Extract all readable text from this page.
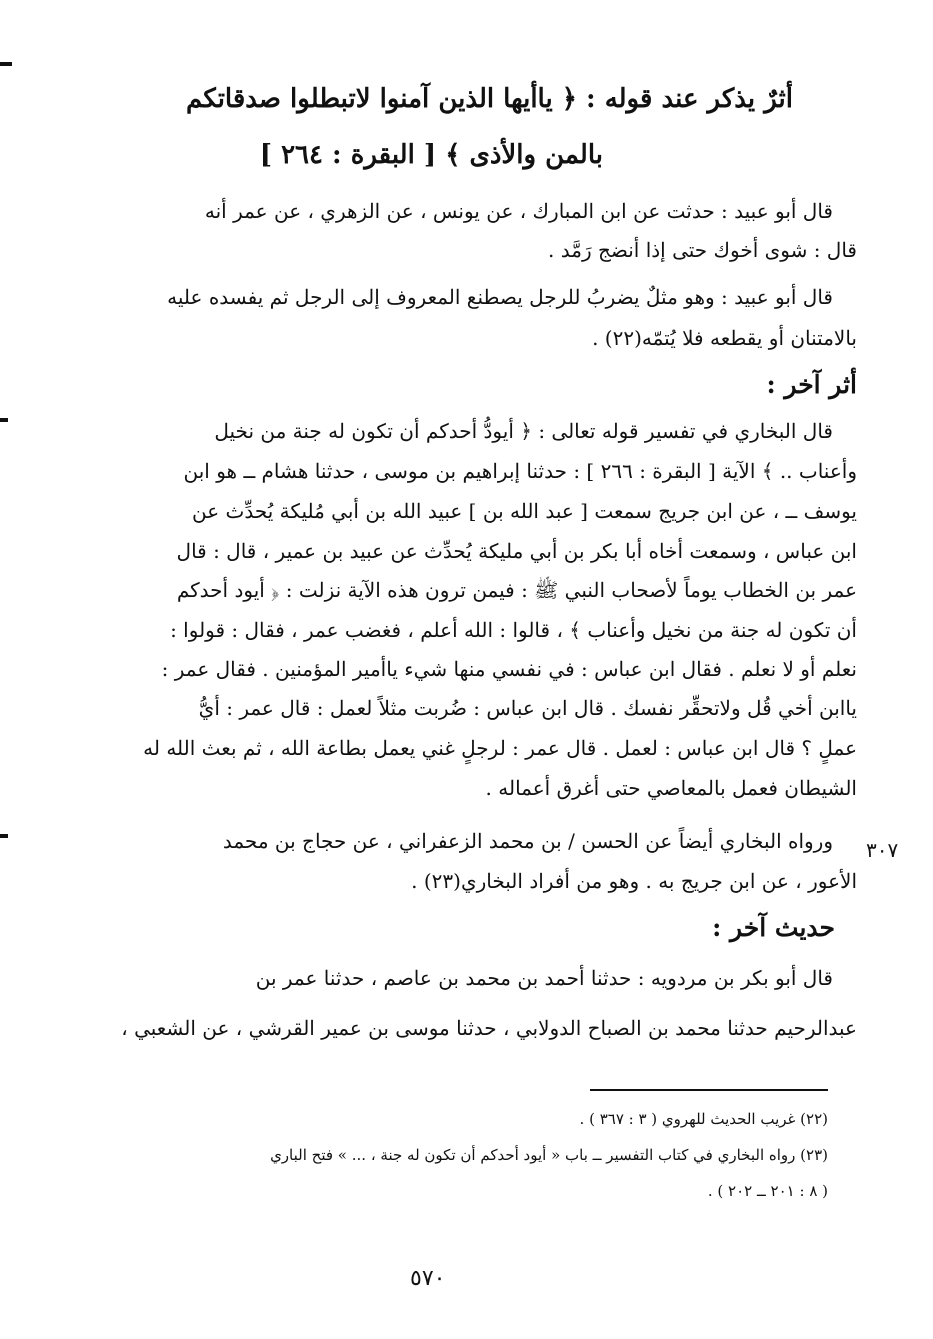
أثرٌ يذكر عند قوله : ﴿ ياأيها الذين آمنوا لاتبطلوا صدقاتكم
بالمن والأذى ﴾ [ البقرة : ٢٦٤ ]
قال أبو عبيد : حدثت عن ابن المبارك ، عن يونس ، عن الزهري ، عن عمر أنه
قال : شوى أخوك حتى إذا أنضج رَمَّد .
قال أبو عبيد : وهو مثلٌ يضربُ للرجل يصطنع المعروف إلى الرجل ثم يفسده عليه
بالامتنان أو يقطعه فلا يُتمّه(٢٢) .
أثر آخر :
قال البخاري في تفسير قوله تعالى : ﴿ أيودُّ أحدكم أن تكون له جنة من نخيل
وأعناب .. ﴾ الآية [ البقرة : ٢٦٦ ] : حدثنا إبراهيم بن موسى ، حدثنا هشام ــ هو ابن
يوسف ــ ، عن ابن جريج سمعت [ عبد الله بن ] عبيد الله بن أبي مُليكة يُحدِّث عن
ابن عباس ، وسمعت أخاه أبا بكر بن أبي مليكة يُحدِّث عن عبيد بن عمير ، قال : قال
عمر بن الخطاب يوماً لأصحاب النبي ﷺ : فيمن ترون هذه الآية نزلت : ﴿ أيود أحدكم
أن تكون له جنة من نخيل وأعناب ﴾ ، قالوا : الله أعلم ، فغضب عمر ، فقال : قولوا :
نعلم أو لا نعلم . فقال ابن عباس : في نفسي منها شيء ياأمير المؤمنين . فقال عمر :
ياابن أخي قُل ولاتحقِّر نفسك . قال ابن عباس : ضُربت مثلاً لعمل : قال عمر : أيُّ
عملٍ ؟ قال ابن عباس : لعمل . قال عمر : لرجلٍ غني يعمل بطاعة الله ، ثم بعث الله له
الشيطان فعمل بالمعاصي حتى أغرق أعماله .
٣٠٧
ورواه البخاري أيضاً عن الحسن / بن محمد الزعفراني ، عن حجاج بن محمد
الأعور ، عن ابن جريج به . وهو من أفراد البخاري(٢٣) .
حديث آخر :
قال أبو بكر بن مردويه : حدثنا أحمد بن محمد بن عاصم ، حدثنا عمر بن
عبدالرحيم حدثنا محمد بن الصباح الدولابي ، حدثنا موسى بن عمير القرشي ، عن الشعبي ،
(٢٢) غريب الحديث للهروي ( ٣ : ٣٦٧ ) .
(٢٣) رواه البخاري في كتاب التفسير ــ باب « أيود أحدكم أن تكون له جنة ، ... » فتح الباري
( ٨ : ٢٠١ ــ ٢٠٢ ) .
٥٧٠
